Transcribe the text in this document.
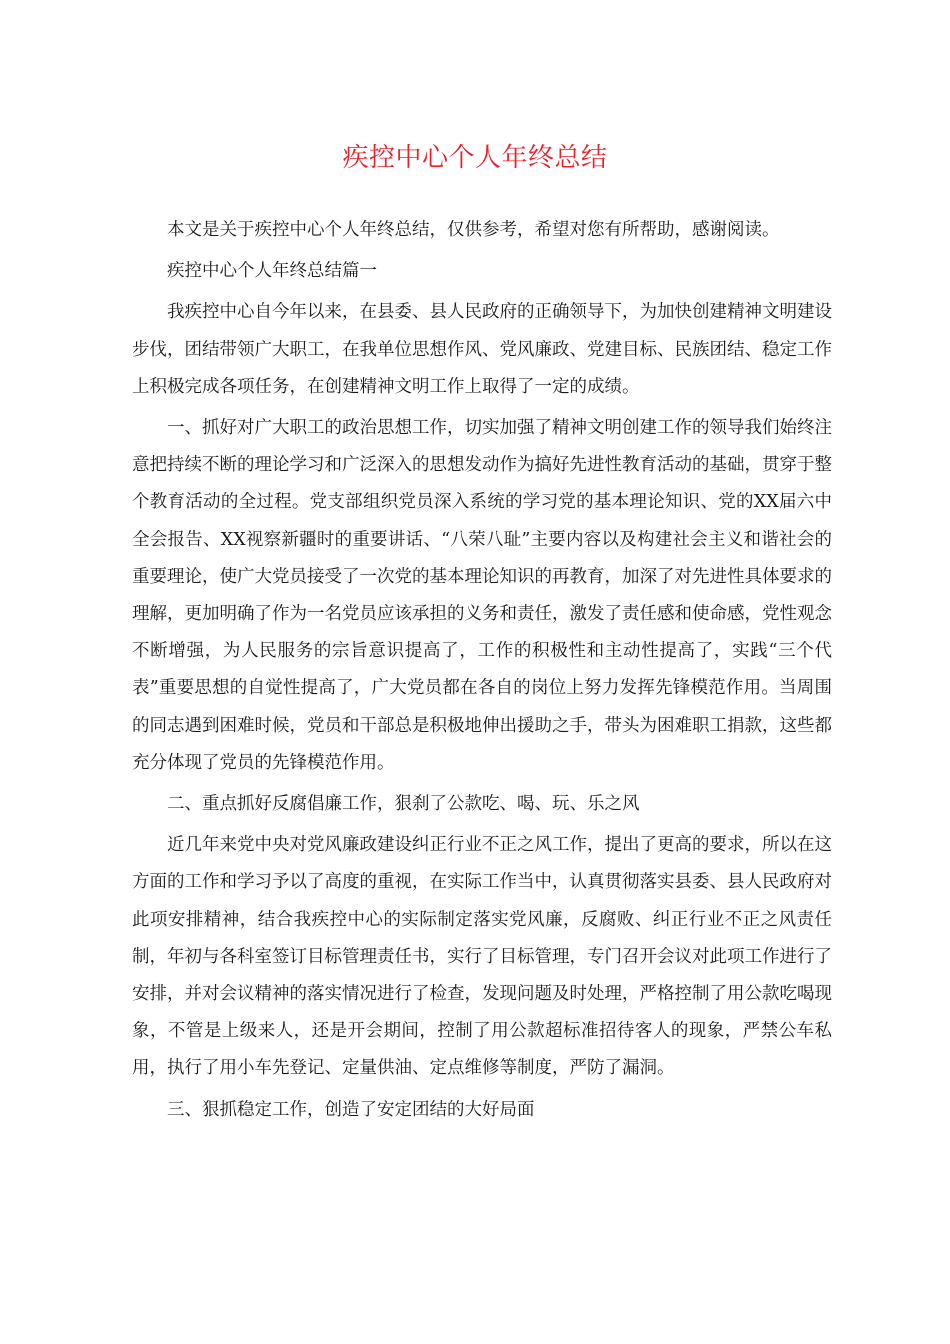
疾控中心个人年终总结

本文是关于疾控中心个人年终总结，仅供参考，希望对您有所帮助，感谢阅读。

疾控中心个人年终总结篇一

我疾控中心自今年以来，在县委、县人民政府的正确领导下，为加快创建精神文明建设步伐，团结带领广大职工，在我单位思想作风、党风廉政、党建目标、民族团结、稳定工作上积极完成各项任务，在创建精神文明工作上取得了一定的成绩。

一、抓好对广大职工的政治思想工作，切实加强了精神文明创建工作的领导我们始终注意把持续不断的理论学习和广泛深入的思想发动作为搞好先进性教育活动的基础，贯穿于整个教育活动的全过程。党支部组织党员深入系统的学习党的基本理论知识、党的XX届六中全会报告、XX视察新疆时的重要讲话、“八荣八耻”主要内容以及构建社会主义和谐社会的重要理论，使广大党员接受了一次党的基本理论知识的再教育，加深了对先进性具体要求的理解，更加明确了作为一名党员应该承担的义务和责任，激发了责任感和使命感，党性观念不断增强，为人民服务的宗旨意识提高了，工作的积极性和主动性提高了，实践“三个代表”重要思想的自觉性提高了，广大党员都在各自的岗位上努力发挥先锋模范作用。当周围的同志遇到困难时候，党员和干部总是积极地伸出援助之手，带头为困难职工捐款，这些都充分体现了党员的先锋模范作用。

二、重点抓好反腐倡廉工作，狠刹了公款吃、喝、玩、乐之风

近几年来党中央对党风廉政建设纠正行业不正之风工作，提出了更高的要求，所以在这方面的工作和学习予以了高度的重视，在实际工作当中，认真贯彻落实县委、县人民政府对此项安排精神，结合我疾控中心的实际制定落实党风廉，反腐败、纠正行业不正之风责任制，年初与各科室签订目标管理责任书，实行了目标管理，专门召开会议对此项工作进行了安排，并对会议精神的落实情况进行了检查，发现问题及时处理，严格控制了用公款吃喝现象，不管是上级来人，还是开会期间，控制了用公款超标准招待客人的现象，严禁公车私用，执行了用小车先登记、定量供油、定点维修等制度，严防了漏洞。

三、狠抓稳定工作，创造了安定团结的大好局面
